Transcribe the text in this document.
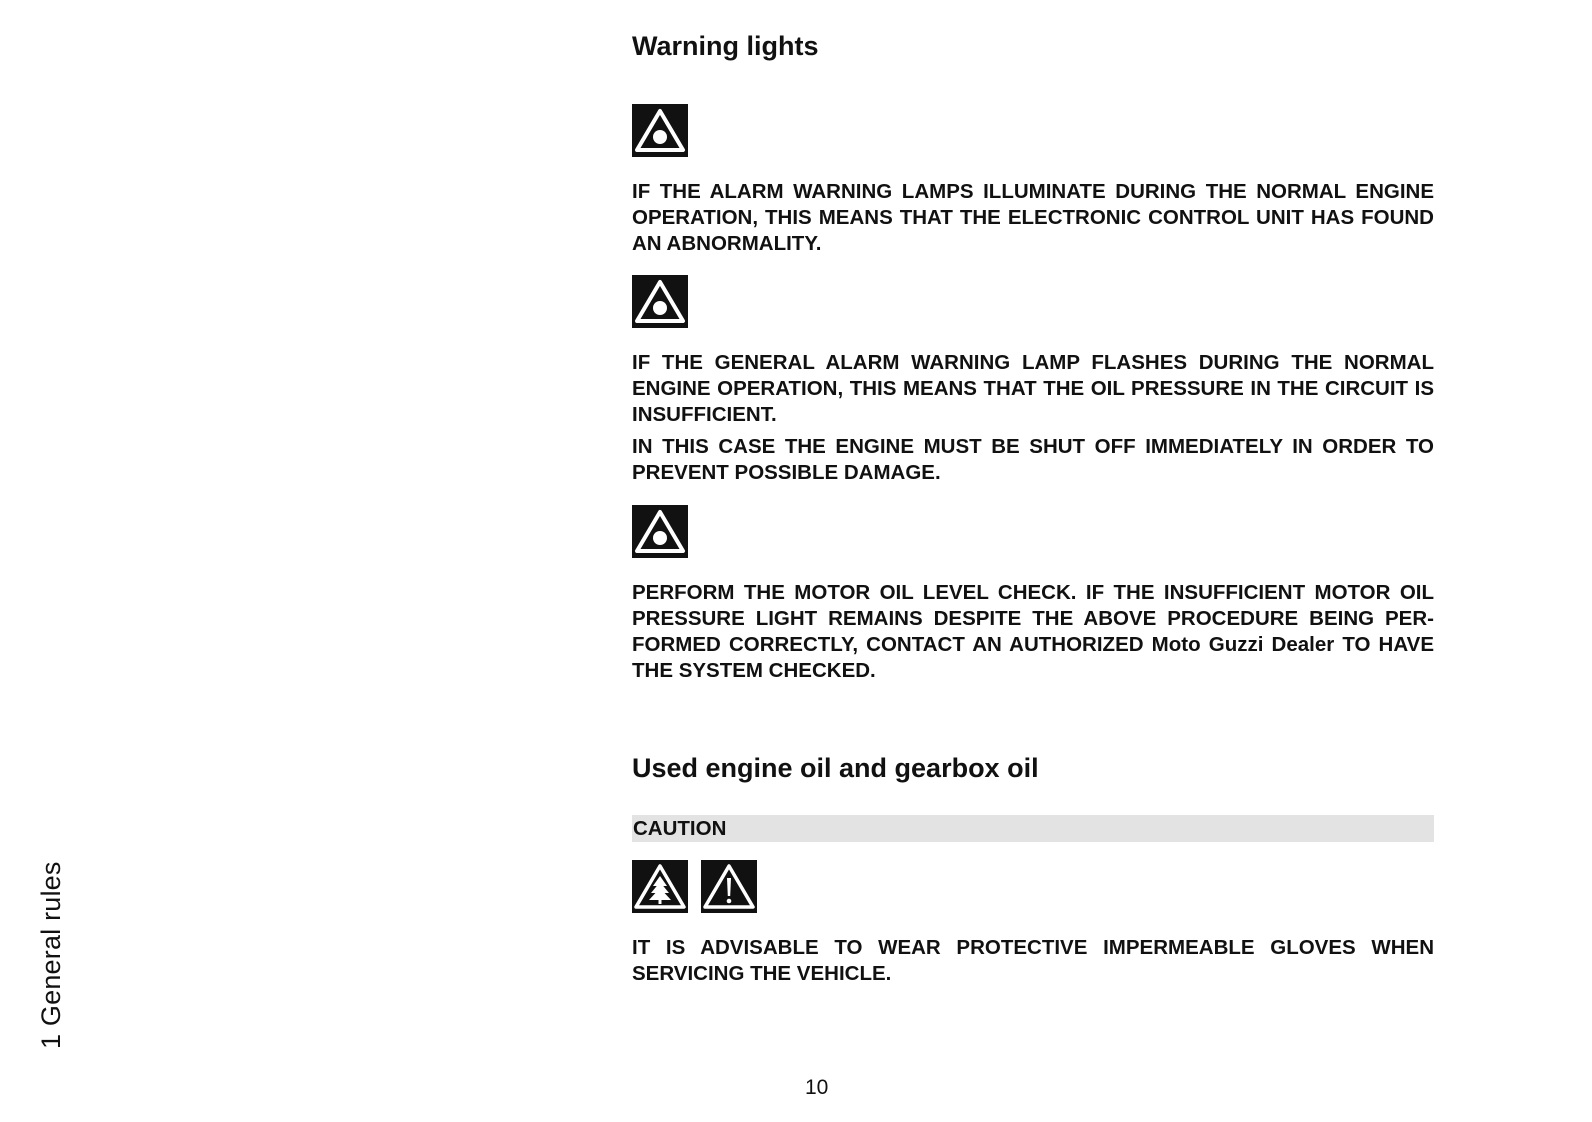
1 General rules
Warning lights

IF THE ALARM WARNING LAMPS ILLUMINATE DURING THE NORMAL ENGINE OPERATION, THIS MEANS THAT THE ELECTRONIC CONTROL UNIT HAS FOUND AN ABNORMALITY.

IF THE GENERAL ALARM WARNING LAMP FLASHES DURING THE NORMAL ENGINE OPERATION, THIS MEANS THAT THE OIL PRESSURE IN THE CIRCUIT IS INSUFFICIENT.

IN THIS CASE THE ENGINE MUST BE SHUT OFF IMMEDIATELY IN ORDER TO PREVENT POSSIBLE DAMAGE.

PERFORM THE MOTOR OIL LEVEL CHECK. IF THE INSUFFICIENT MOTOR OIL PRESSURE LIGHT REMAINS DESPITE THE ABOVE PROCEDURE BEING PERFORMED CORRECTLY, CONTACT AN AUTHORIZED Moto Guzzi Dealer TO HAVE THE SYSTEM CHECKED.

Used engine oil and gearbox oil
CAUTION

IT IS ADVISABLE TO WEAR PROTECTIVE IMPERMEABLE GLOVES WHEN SERVICING THE VEHICLE.

10
